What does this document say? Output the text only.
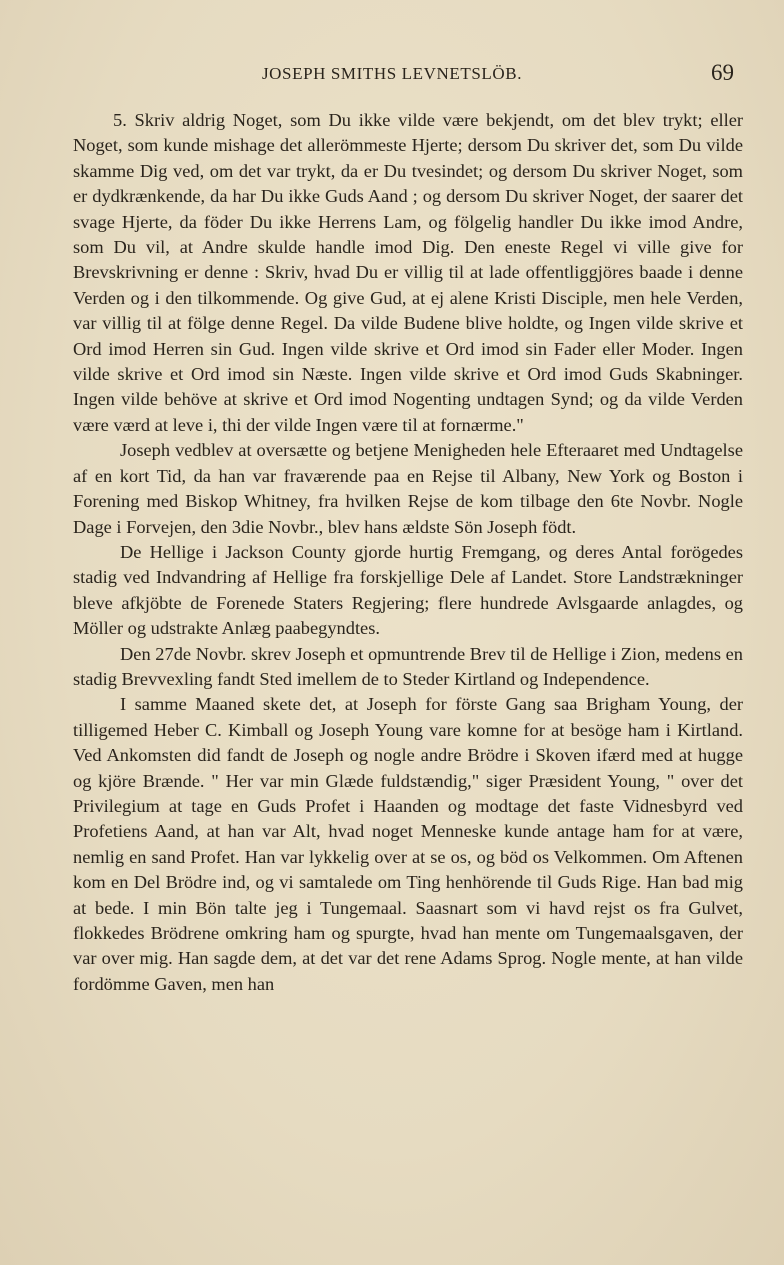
JOSEPH SMITHS LEVNETSLÖB.	69

5. Skriv aldrig Noget, som Du ikke vilde være bekjendt, om det blev trykt; eller Noget, som kunde mishage det allerömmeste Hjerte; dersom Du skriver det, som Du vilde skamme Dig ved, om det var trykt, da er Du tvesindet; og dersom Du skriver Noget, som er dydkrænkende, da har Du ikke Guds Aand ; og dersom Du skriver Noget, der saarer det svage Hjerte, da föder Du ikke Herrens Lam, og fölgelig handler Du ikke imod Andre, som Du vil, at Andre skulde handle imod Dig. Den eneste Regel vi ville give for Brevskrivning er denne : Skriv, hvad Du er villig til at lade offentliggjöres baade i denne Verden og i den tilkommende. Og give Gud, at ej alene Kristi Disciple, men hele Verden, var villig til at fölge denne Regel. Da vilde Budene blive holdte, og Ingen vilde skrive et Ord imod Herren sin Gud. Ingen vilde skrive et Ord imod sin Fader eller Moder. Ingen vilde skrive et Ord imod sin Næste. Ingen vilde skrive et Ord imod Guds Skabninger. Ingen vilde behöve at skrive et Ord imod Nogenting undtagen Synd; og da vilde Verden være værd at leve i, thi der vilde Ingen være til at fornærme."

Joseph vedblev at oversætte og betjene Menigheden hele Efteraaret med Undtagelse af en kort Tid, da han var fraværende paa en Rejse til Albany, New York og Boston i Forening med Biskop Whitney, fra hvilken Rejse de kom tilbage den 6te Novbr. Nogle Dage i Forvejen, den 3die Novbr., blev hans ældste Sön Joseph födt.

De Hellige i Jackson County gjorde hurtig Fremgang, og deres Antal forögedes stadig ved Indvandring af Hellige fra forskjellige Dele af Landet. Store Landstrækninger bleve afkjöbte de Forenede Staters Regjering; flere hundrede Avlsgaarde anlagdes, og Möller og udstrakte Anlæg paabegyndtes.

Den 27de Novbr. skrev Joseph et opmuntrende Brev til de Hellige i Zion, medens en stadig Brevvexling fandt Sted imellem de to Steder Kirtland og Independence.

I samme Maaned skete det, at Joseph for förste Gang saa Brigham Young, der tilligemed Heber C. Kimball og Joseph Young vare komne for at besöge ham i Kirtland. Ved Ankomsten did fandt de Joseph og nogle andre Brödre i Skoven ifærd med at hugge og kjöre Brænde. " Her var min Glæde fuldstændig," siger Præsident Young, " over det Privilegium at tage en Guds Profet i Haanden og modtage det faste Vidnesbyrd ved Profetiens Aand, at han var Alt, hvad noget Menneske kunde antage ham for at være, nemlig en sand Profet. Han var lykkelig over at se os, og böd os Velkommen. Om Aftenen kom en Del Brödre ind, og vi samtalede om Ting henhörende til Guds Rige. Han bad mig at bede. I min Bön talte jeg i Tungemaal. Saasnart som vi havd rejst os fra Gulvet, flokkedes Brödrene omkring ham og spurgte, hvad han mente om Tungemaalsgaven, der var over mig. Han sagde dem, at det var det rene Adams Sprog. Nogle mente, at han vilde fordömme Gaven, men han
